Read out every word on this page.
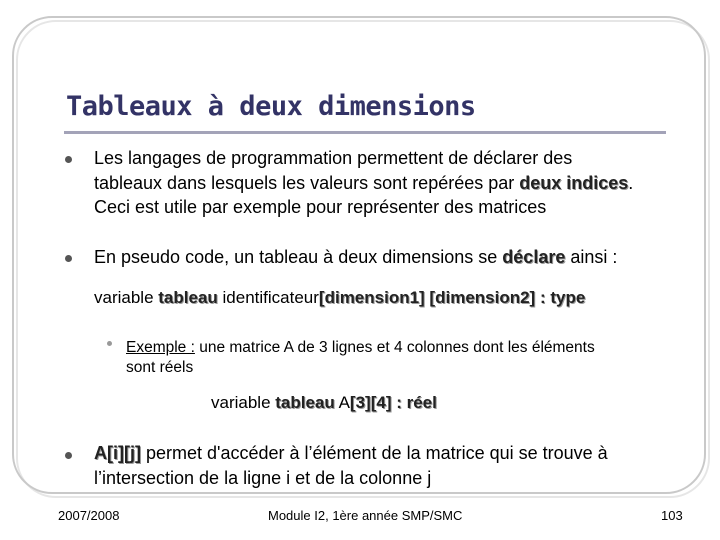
Tableaux à deux dimensions
Les langages de programmation permettent de déclarer des
tableaux dans lesquels les valeurs sont repérées par deux indices.
Ceci est utile par exemple pour représenter des matrices
En pseudo code, un tableau à deux dimensions se déclare ainsi :
variable tableau identificateur[dimension1] [dimension2] : type
Exemple : une matrice A de 3 lignes et 4 colonnes dont les éléments
sont réels
variable tableau A[3][4] : réel
A[i][j] permet d'accéder à l’élément de la matrice qui se trouve à
l’intersection de la ligne i et de la colonne j
2007/2008	Module I2, 1ère année SMP/SMC	103
